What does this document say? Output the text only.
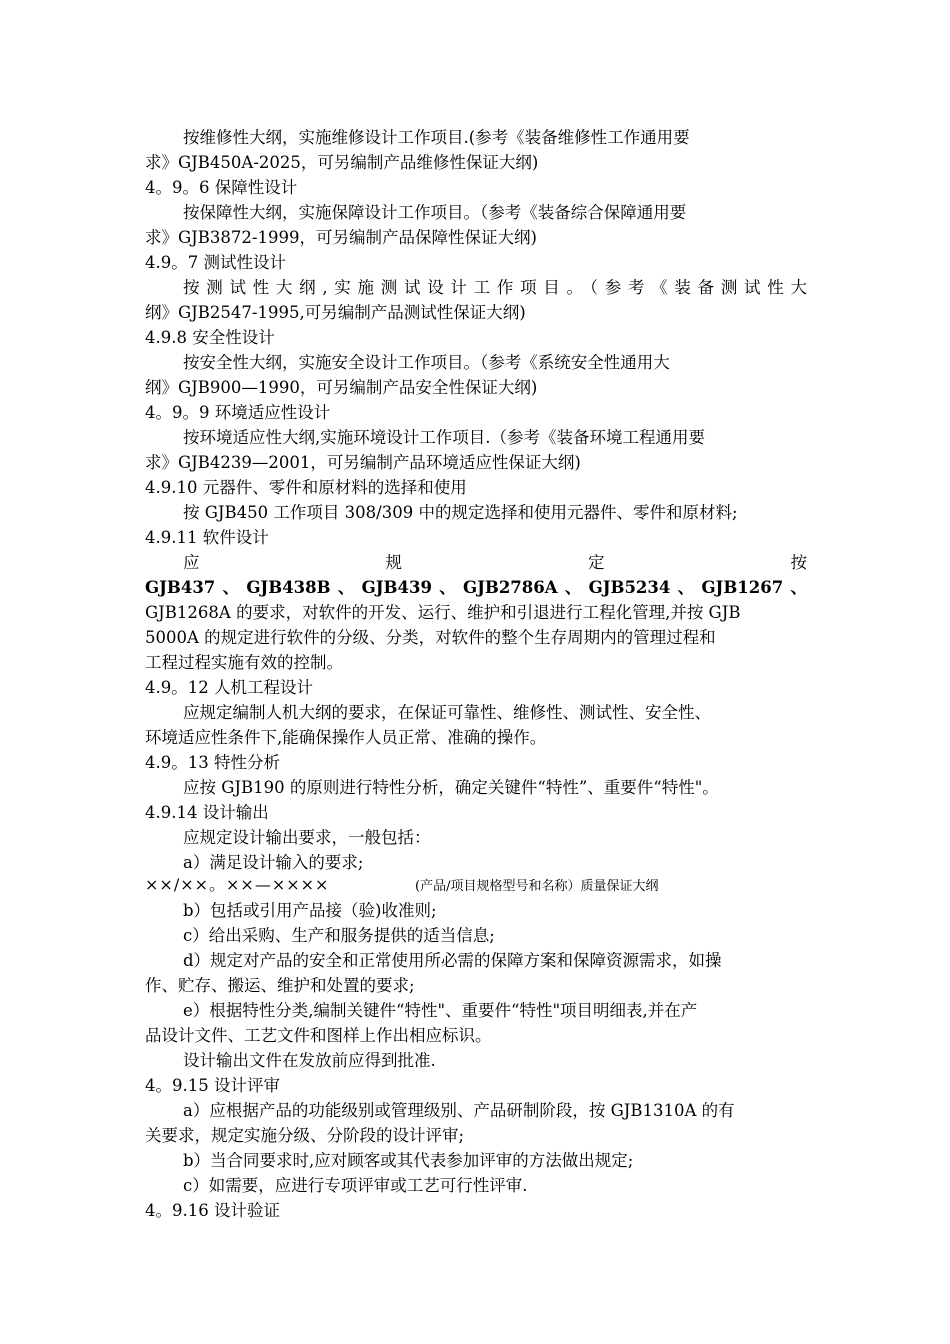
按维修性大纲，实施维修设计工作项目.(参考《装备维修性工作通用要
求》GJB450A-2025，可另编制产品维修性保证大纲)
4。9。6 保障性设计
按保障性大纲，实施保障设计工作项目。（参考《装备综合保障通用要
求》GJB3872-1999，可另编制产品保障性保证大纲)
4.9。7 测试性设计
按测试性大纲,实施测试设计工作项目。（参考《装备测试性大
纲》GJB2547-1995,可另编制产品测试性保证大纲)
4.9.8 安全性设计
按安全性大纲，实施安全设计工作项目。（参考《系统安全性通用大
纲》GJB900—1990，可另编制产品安全性保证大纲)
4。9。9 环境适应性设计
按环境适应性大纲,实施环境设计工作项目.（参考《装备环境工程通用要
求》GJB4239—2001，可另编制产品环境适应性保证大纲)
4.9.10 元器件、零件和原材料的选择和使用
按 GJB450 工作项目 308/309 中的规定选择和使用元器件、零件和原材料;
4.9.11 软件设计
应 规 定 按
GJB437、GJB438B、GJB439、GJB2786A、GJB5234、GJB1267、
GJB1268A 的要求，对软件的开发、运行、维护和引退进行工程化管理,并按 GJB
5000A 的规定进行软件的分级、分类，对软件的整个生存周期内的管理过程和
工程过程实施有效的控制。
4.9。12 人机工程设计
应规定编制人机大纲的要求，在保证可靠性、维修性、测试性、安全性、
环境适应性条件下,能确保操作人员正常、准确的操作。
4.9。13 特性分析
应按 GJB190 的原则进行特性分析，确定关键件“特性”、重要件“特性"。
4.9.14 设计输出
应规定设计输出要求，一般包括：
a）满足设计输入的要求;
××/××。××—××××	(产品/项目规格型号和名称）质量保证大纲
b）包括或引用产品接（验)收准则;
c）给出采购、生产和服务提供的适当信息;
d）规定对产品的安全和正常使用所必需的保障方案和保障资源需求，如操
作、贮存、搬运、维护和处置的要求;
e）根据特性分类,编制关键件“特性"、重要件“特性"项目明细表,并在产
品设计文件、工艺文件和图样上作出相应标识。
设计输出文件在发放前应得到批准.
4。9.15 设计评审
a）应根据产品的功能级别或管理级别、产品研制阶段，按 GJB1310A 的有
关要求，规定实施分级、分阶段的设计评审;
b）当合同要求时,应对顾客或其代表参加评审的方法做出规定;
c）如需要，应进行专项评审或工艺可行性评审.
4。9.16 设计验证
